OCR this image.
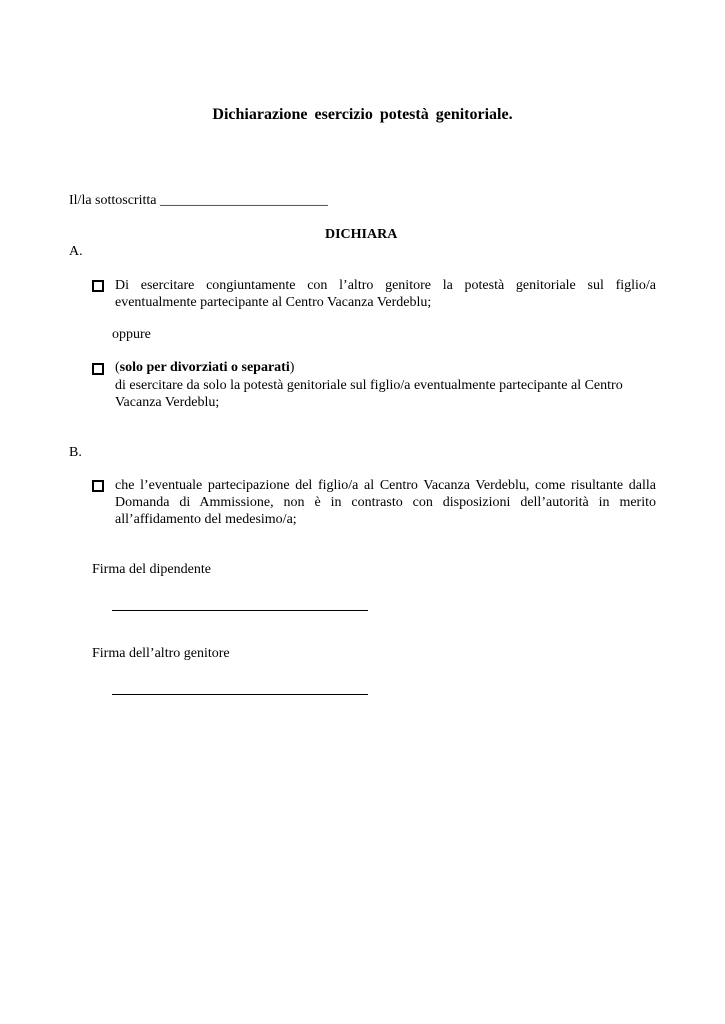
Dichiarazione esercizio potestà genitoriale.
Il/la sottoscritta ________________________
DICHIARA
A.
Di esercitare congiuntamente con l’altro genitore la potestà genitoriale sul figlio/a eventualmente partecipante al Centro Vacanza Verdeblu;
oppure
(solo per divorziati o separati)
di esercitare da solo la potestà genitoriale sul figlio/a eventualmente partecipante al Centro Vacanza Verdeblu;
B.
che l’eventuale partecipazione del figlio/a al Centro Vacanza Verdeblu, come risultante dalla Domanda di Ammissione, non è in contrasto con disposizioni dell’autorità in merito all’affidamento del medesimo/a;
Firma del dipendente
Firma dell’altro genitore
